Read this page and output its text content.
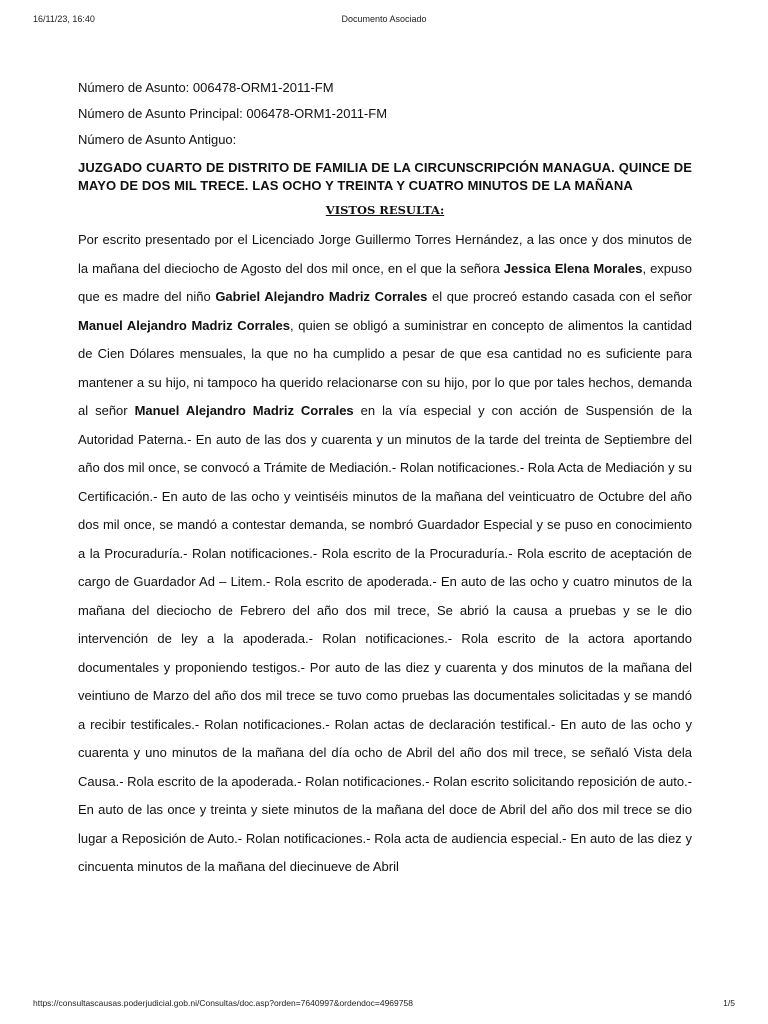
16/11/23, 16:40	Documento Asociado

Número de Asunto: 006478-ORM1-2011-FM

Número de Asunto Principal: 006478-ORM1-2011-FM

Número de Asunto Antiguo:

JUZGADO CUARTO DE DISTRITO DE FAMILIA DE LA CIRCUNSCRIPCIÓN MANAGUA. QUINCE DE MAYO DE DOS MIL TRECE. LAS OCHO Y TREINTA Y CUATRO MINUTOS DE LA MAÑANA

VISTOS RESULTA:

Por escrito presentado por el Licenciado Jorge Guillermo Torres Hernández, a las once y dos minutos de la mañana del dieciocho de Agosto del dos mil once, en el que la señora Jessica Elena Morales, expuso que es madre del niño Gabriel Alejandro Madriz Corrales el que procreó estando casada con el señor Manuel Alejandro Madriz Corrales, quien se obligó a suministrar en concepto de alimentos la cantidad de Cien Dólares mensuales, la que no ha cumplido a pesar de que esa cantidad no es suficiente para mantener a su hijo, ni tampoco ha querido relacionarse con su hijo, por lo que por tales hechos, demanda al señor Manuel Alejandro Madriz Corrales en la vía especial y con acción de Suspensión de la Autoridad Paterna.- En auto de las dos y cuarenta y un minutos de la tarde del treinta de Septiembre del año dos mil once, se convocó a Trámite de Mediación.- Rolan notificaciones.- Rola Acta de Mediación y su Certificación.- En auto de las ocho y veintiséis minutos de la mañana del veinticuatro de Octubre del año dos mil once, se mandó a contestar demanda, se nombró Guardador Especial y se puso en conocimiento a la Procuraduría.- Rolan notificaciones.- Rola escrito de la Procuraduría.- Rola escrito de aceptación de cargo de Guardador Ad – Litem.- Rola escrito de apoderada.- En auto de las ocho y cuatro minutos de la mañana del dieciocho de Febrero del año dos mil trece, Se abrió la causa a pruebas y se le dio intervención de ley a la apoderada.- Rolan notificaciones.- Rola escrito de la actora aportando documentales y proponiendo testigos.- Por auto de las diez y cuarenta y dos minutos de la mañana del veintiuno de Marzo del año dos mil trece se tuvo como pruebas las documentales solicitadas y se mandó a recibir testificales.- Rolan notificaciones.- Rolan actas de declaración testifical.- En auto de las ocho y cuarenta y uno minutos de la mañana del día ocho de Abril del año dos mil trece, se señaló Vista dela Causa.- Rola escrito de la apoderada.- Rolan notificaciones.- Rolan escrito solicitando reposición de auto.- En auto de las once y treinta y siete minutos de la mañana del doce de Abril del año dos mil trece se dio lugar a Reposición de Auto.- Rolan notificaciones.- Rola acta de audiencia especial.- En auto de las diez y cincuenta minutos de la mañana del diecinueve de Abril

https://consultascausas.poderjudicial.gob.ni/Consultas/doc.asp?orden=7640997&ordendoc=4969758	1/5
